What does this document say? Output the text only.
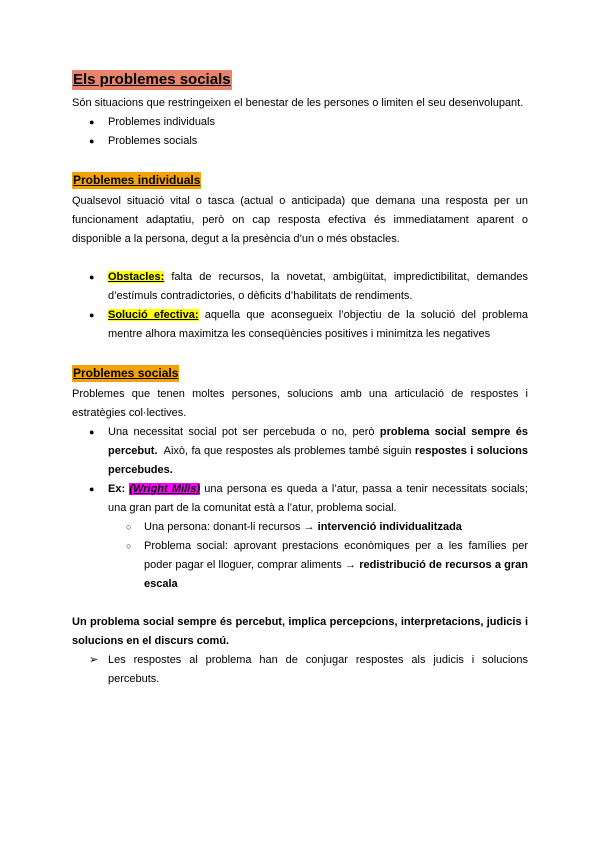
Els problemes socials
Són situacions que restringeixen el benestar de les persones o limiten el seu desenvolupant.
● Problemes individuals
● Problemes socials
Problemes individuals
Qualsevol situació vital o tasca (actual o anticipada) que demana una resposta per un funcionament adaptatiu, però on cap resposta efectiva és immediatament aparent o disponible a la persona, degut a la presència d’un o més obstacles.
● Obstacles: falta de recursos, la novetat, ambigüitat, impredictibilitat, demandes d’estímuls contradictories, o dèficits d’habilitats de rendiments.
● Solució efectiva: aquella que aconsegueix l’objectiu de la solució del problema mentre alhora maximitza les conseqüències positives i minimitza les negatives
Problemes socials
Problemes que tenen moltes persones, solucions amb una articulació de respostes i estratègies col·lectives.
● Una necessitat social pot ser percebuda o no, però problema social sempre és percebut.  Això, fa que respostes als problemes també siguin respostes i solucions percebudes.
● Ex: (Wright Mills) una persona es queda a l’atur, passa a tenir necessitats socials; una gran part de la comunitat està a l’atur, problema social.
○ Una persona: donant-li recursos → intervenció individualitzada
○ Problema social: aprovant prestacions econòmiques per a les famílies per poder pagar el lloguer, comprar aliments → redistribució de recursos a gran escala
Un problema social sempre és percebut, implica percepcions, interpretacions, judicis i solucions en el discurs comú.
➢ Les respostes al problema han de conjugar respostes als judicis i solucions percebuts.
